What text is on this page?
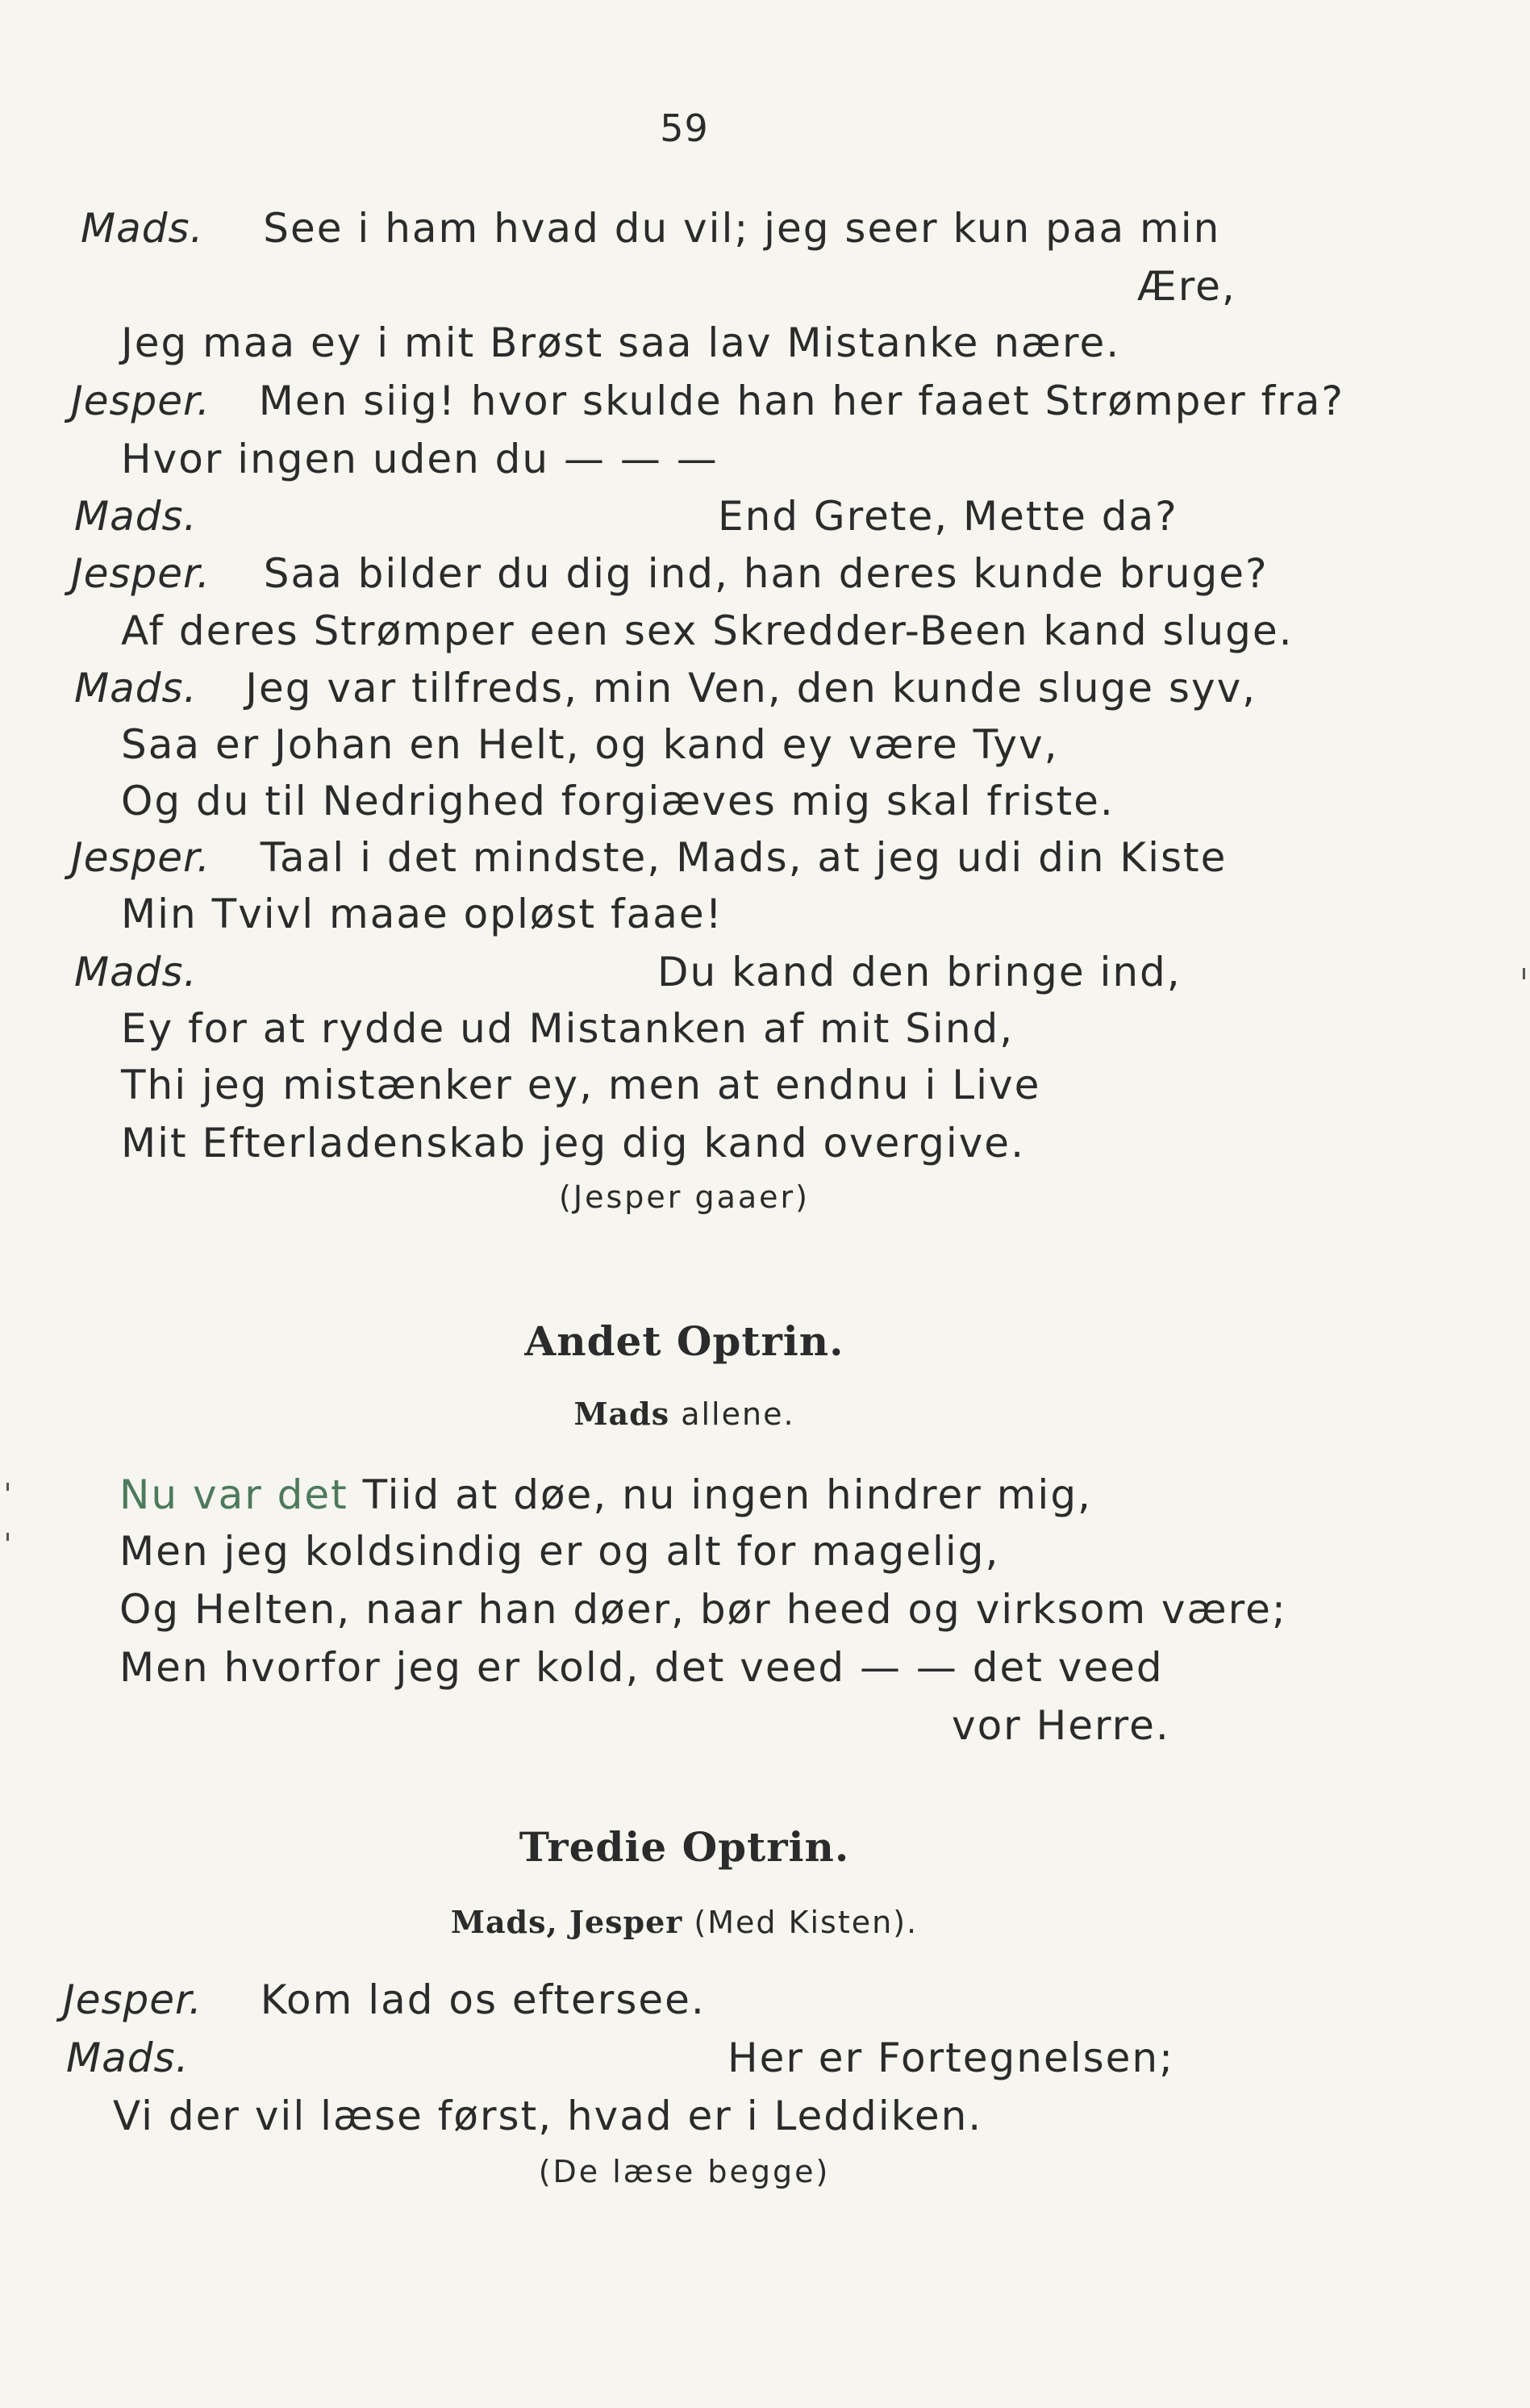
59
Mads. See i ham hvad du vil; jeg seer kun paa min
Ære,
Jeg maa ey i mit Brøst saa lav Mistanke nære.
Jesper. Men siig! hvor skulde han her faaet Strømper fra?
Hvor ingen uden du — — —
Mads.	End Grete, Mette da?
Jesper. Saa bilder du dig ind, han deres kunde bruge?
Af deres Strømper een sex Skredder-Been kand sluge.
Mads. Jeg var tilfreds, min Ven, den kunde sluge syv,
Saa er Johan en Helt, og kand ey være Tyv,
Og du til Nedrighed forgiæves mig skal friste.
Jesper. Taal i det mindste, Mads, at jeg udi din Kiste
Min Tvivl maae opløst faae!
Mads.	Du kand den bringe ind,
Ey for at rydde ud Mistanken af mit Sind,
Thi jeg mistænker ey, men at endnu i Live
Mit Efterladenskab jeg dig kand overgive.
(Jesper gaaer)
Andet Optrin.
Mads allene.
Nu var det Tiid at døe, nu ingen hindrer mig,
Men jeg koldsindig er og alt for magelig,
Og Helten, naar han døer, bør heed og virksom være;
Men hvorfor jeg er kold, det veed — — det veed
vor Herre.
Tredie Optrin.
Mads, Jesper (Med Kisten).
Jesper. Kom lad os eftersee.
Mads.	Her er Fortegnelsen;
Vi der vil læse først, hvad er i Leddiken.
(De læse begge)
